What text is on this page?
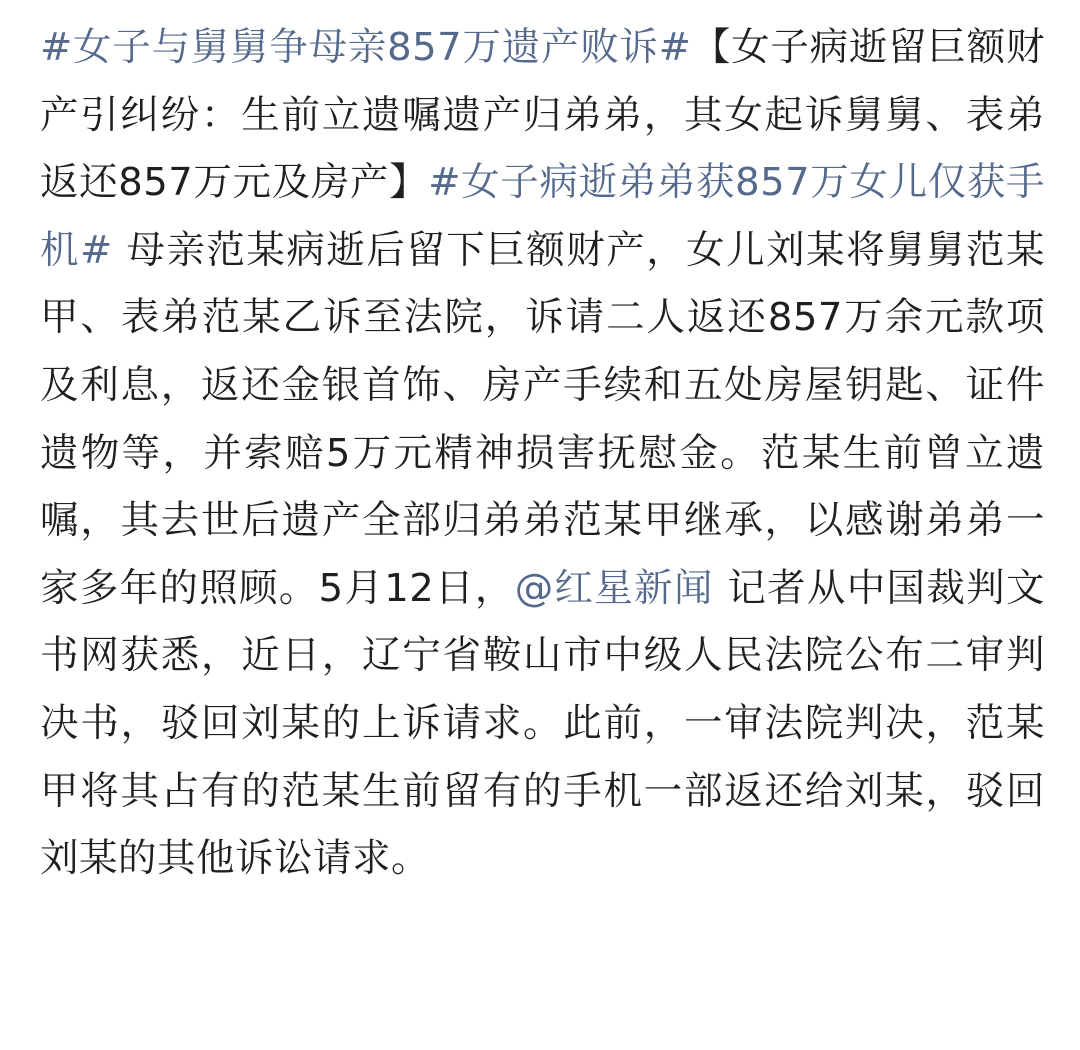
#女子与舅舅争母亲857万遗产败诉#【女子病逝留巨额财产引纠纷：生前立遗嘱遗产归弟弟，其女起诉舅舅、表弟返还857万元及房产】#女子病逝弟弟获857万女儿仅获手机# 母亲范某病逝后留下巨额财产，女儿刘某将舅舅范某甲、表弟范某乙诉至法院，诉请二人返还857万余元款项及利息，返还金银首饰、房产手续和五处房屋钥匙、证件遗物等，并索赔5万元精神损害抚慰金。范某生前曾立遗嘱，其去世后遗产全部归弟弟范某甲继承，以感谢弟弟一家多年的照顾。5月12日，@红星新闻 记者从中国裁判文书网获悉，近日，辽宁省鞍山市中级人民法院公布二审判决书，驳回刘某的上诉请求。此前，一审法院判决，范某甲将其占有的范某生前留有的手机一部返还给刘某，驳回刘某的其他诉讼请求。
